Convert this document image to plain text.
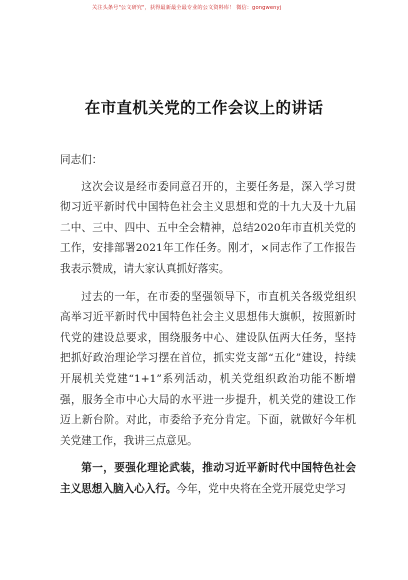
关注头条号"公文研究"，获得最新最全最专业的公文资料库！ 微信：gongwenyj
在市直机关党的工作会议上的讲话

同志们：

这次会议是经市委同意召开的，主要任务是，深入学习贯彻习近平新时代中国特色社会主义思想和党的十九大及十九届二中、三中、四中、五中全会精神，总结2020年市直机关党的工作，安排部署2021年工作任务。刚才，×同志作了工作报告我表示赞成，请大家认真抓好落实。

过去的一年，在市委的坚强领导下，市直机关各级党组织高举习近平新时代中国特色社会主义思想伟大旗帜，按照新时代党的建设总要求，围绕服务中心、建设队伍两大任务，坚持把抓好政治理论学习摆在首位，抓实党支部“五化”建设，持续开展机关党建“1+1”系列活动，机关党组织政治功能不断增强，服务全市中心大局的水平进一步提升，机关党的建设工作迈上新台阶。对此，市委给予充分肯定。下面，就做好今年机关党建工作，我讲三点意见。

第一，要强化理论武装，推动习近平新时代中国特色社会主义思想入脑入心入行。今年，党中央将在全党开展党史学习
